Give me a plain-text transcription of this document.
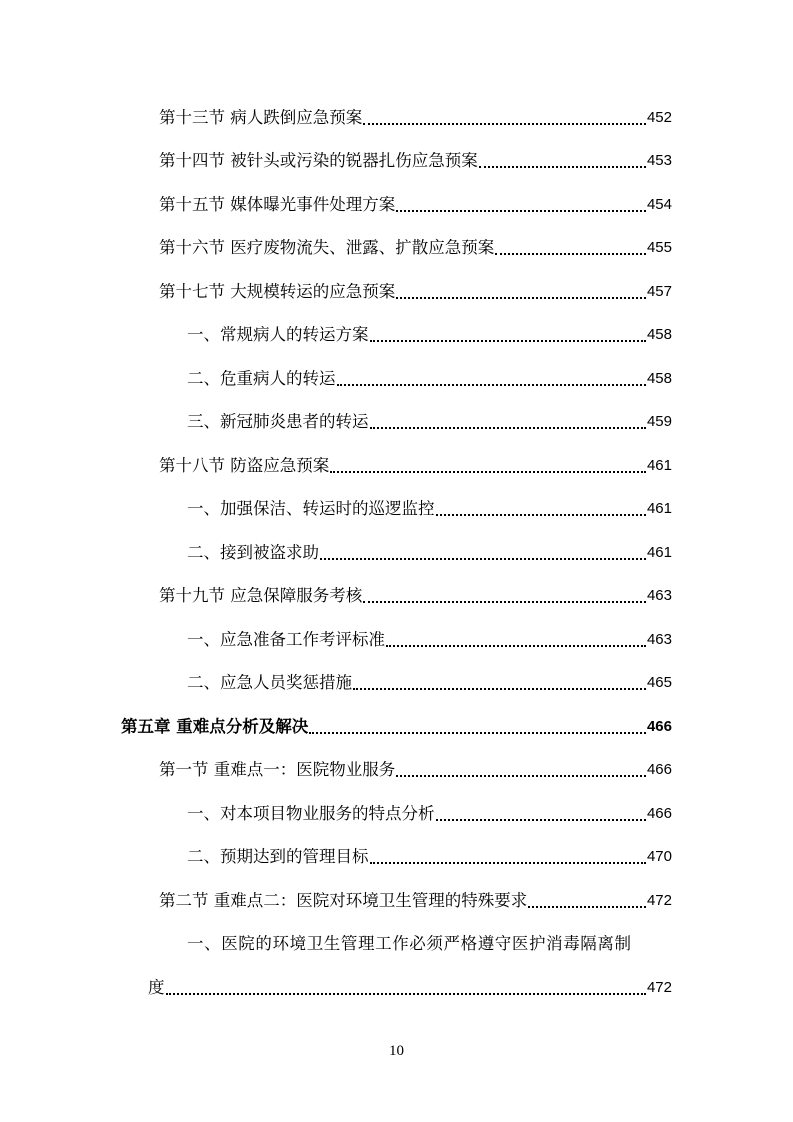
第十三节 病人跌倒应急预案	452
第十四节 被针头或污染的锐器扎伤应急预案	453
第十五节 媒体曝光事件处理方案	454
第十六节 医疗废物流失、泄露、扩散应急预案	455
第十七节 大规模转运的应急预案	457
一、常规病人的转运方案	458
二、危重病人的转运	458
三、新冠肺炎患者的转运	459
第十八节 防盗应急预案	461
一、加强保洁、转运时的巡逻监控	461
二、接到被盗求助	461
第十九节 应急保障服务考核	463
一、应急准备工作考评标准	463
二、应急人员奖惩措施	465
第五章 重难点分析及解决	466
第一节 重难点一：医院物业服务	466
一、对本项目物业服务的特点分析	466
二、预期达到的管理目标	470
第二节 重难点二：医院对环境卫生管理的特殊要求	472
一、医院的环境卫生管理工作必须严格遵守医护消毒隔离制
度	472
10
